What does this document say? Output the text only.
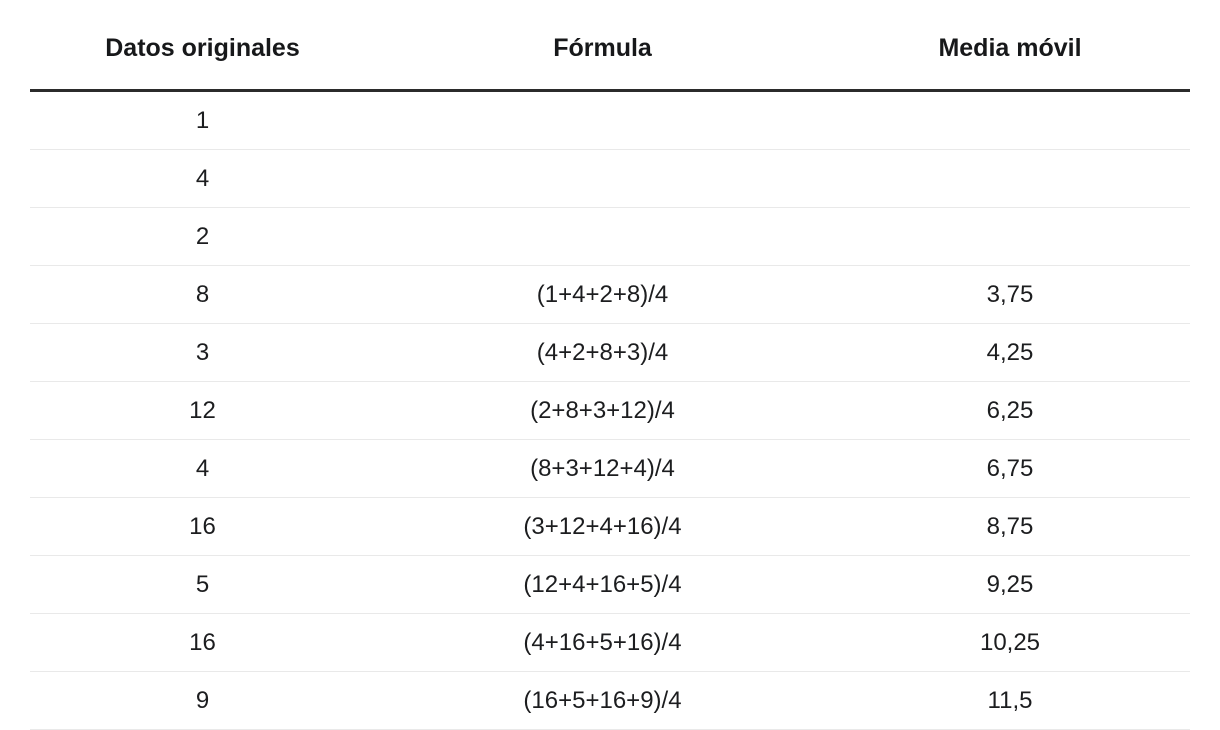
Datos originales	Fórmula	Media móvil
1		
4		
2		
8	(1+4+2+8)/4	3,75
3	(4+2+8+3)/4	4,25
12	(2+8+3+12)/4	6,25
4	(8+3+12+4)/4	6,75
16	(3+12+4+16)/4	8,75
5	(12+4+16+5)/4	9,25
16	(4+16+5+16)/4	10,25
9	(16+5+16+9)/4	11,5
